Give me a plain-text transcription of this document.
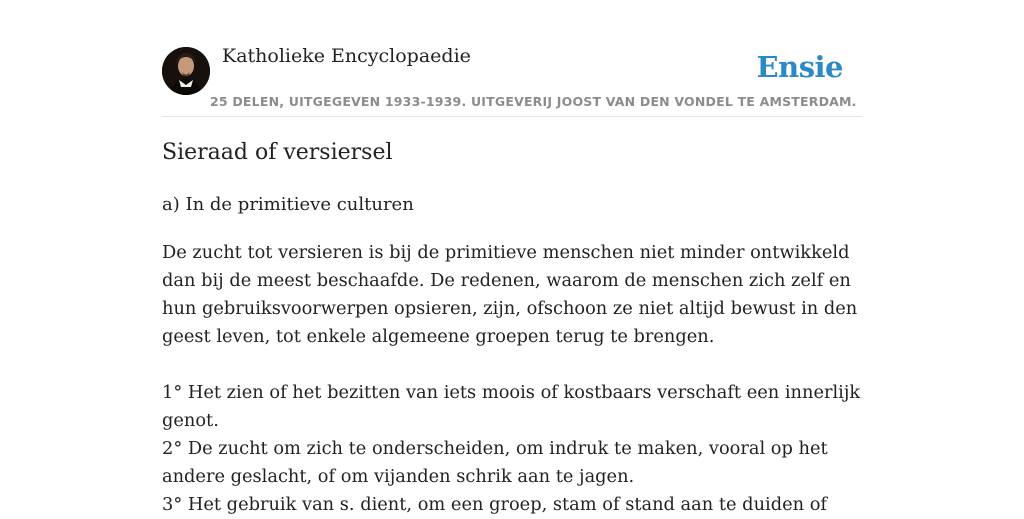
Katholieke Encyclopaedie	Ensie
25 DELEN, UITGEGEVEN 1933-1939. UITGEVERIJ JOOST VAN DEN VONDEL TE AMSTERDAM.
Sieraad of versiersel
a) In de primitieve culturen

De zucht tot versieren is bij de primitieve menschen niet minder ontwikkeld dan bij de meest beschaafde. De redenen, waarom de menschen zich zelf en hun gebruiksvoorwerpen opsieren, zijn, ofschoon ze niet altijd bewust in den geest leven, tot enkele algemeene groepen terug te brengen.

1° Het zien of het bezitten van iets moois of kostbaars verschaft een innerlijk genot.

2° De zucht om zich te onderscheiden, om indruk te maken, vooral op het andere geslacht, of om vijanden schrik aan te jagen.

3° Het gebruik van s. dient, om een groep, stam of stand aan te duiden of
